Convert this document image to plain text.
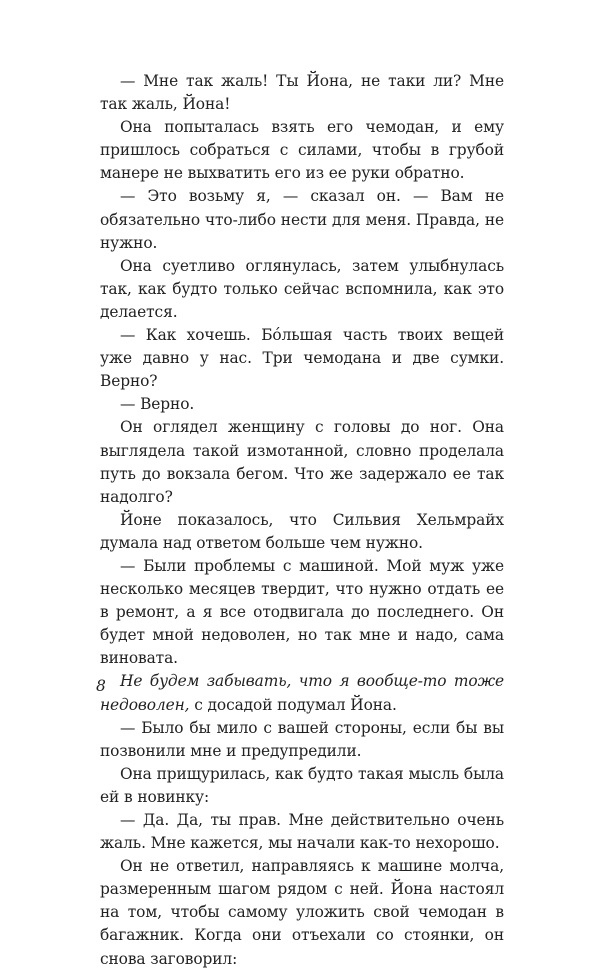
— Мне так жаль! Ты Йона, не таки ли? Мне так жаль, Йона!

Она попыталась взять его чемодан, и ему пришлось собраться с силами, чтобы в грубой манере не выхватить его из ее руки обратно.

— Это возьму я, — сказал он. — Вам не обязательно что-либо нести для меня. Правда, не нужно.

Она суетливо оглянулась, затем улыбнулась так, как будто только сейчас вспомнила, как это делается.

— Как хочешь. Бóльшая часть твоих вещей уже давно у нас. Три чемодана и две сумки. Верно?

— Верно.

Он оглядел женщину с головы до ног. Она выглядела такой измотанной, словно проделала путь до вокзала бегом. Что же задержало ее так надолго?

Йоне показалось, что Сильвия Хельмрайх думала над ответом больше чем нужно.

— Были проблемы с машиной. Мой муж уже несколько месяцев твердит, что нужно отдать ее в ремонт, а я все отодвигала до последнего. Он будет мной недоволен, но так мне и надо, сама виновата.

Не будем забывать, что я вообще-то тоже недоволен, с досадой подумал Йона.

— Было бы мило с вашей стороны, если бы вы позвонили мне и предупредили.

Она прищурилась, как будто такая мысль была ей в новинку:

— Да. Да, ты прав. Мне действительно очень жаль. Мне кажется, мы начали как-то нехорошо.

Он не ответил, направляясь к машине молча, размеренным шагом рядом с ней. Йона настоял на том, чтобы самому уложить свой чемодан в багажник. Когда они отъехали со стоянки, он снова заговорил:

8
